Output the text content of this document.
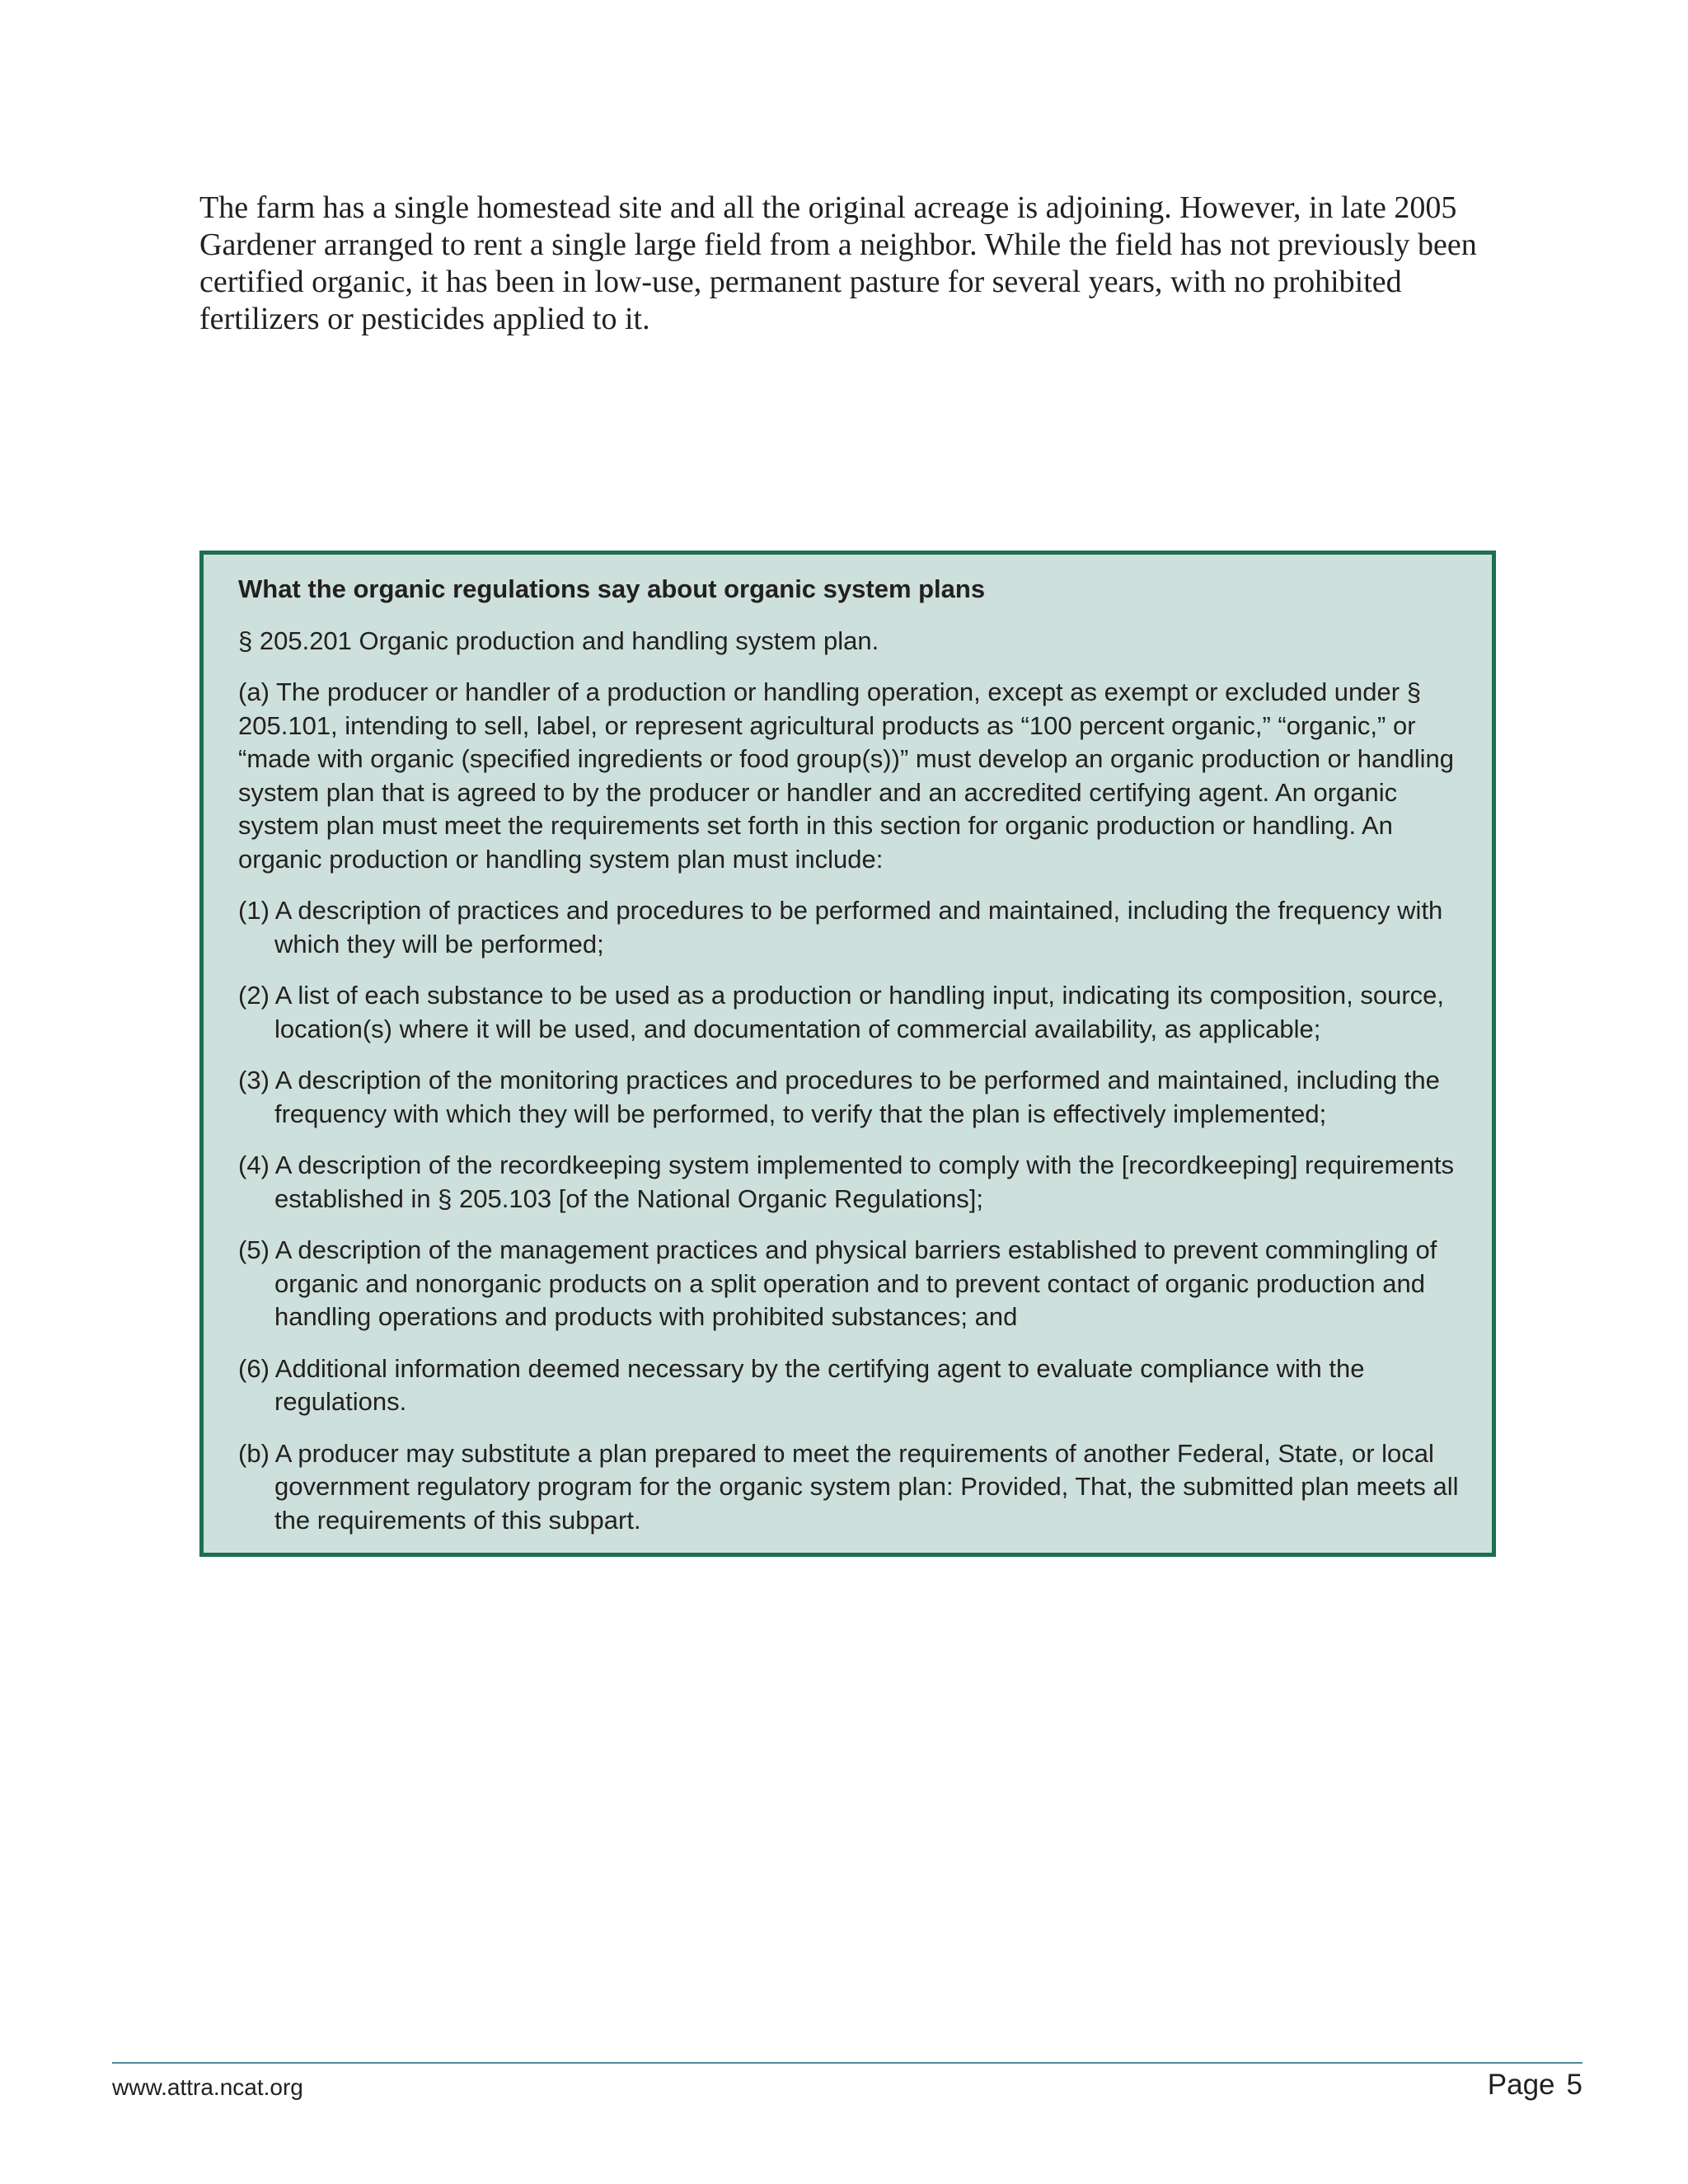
The farm has a single homestead site and all the original acreage is adjoining. However, in late 2005 Gardener arranged to rent a single large field from a neighbor. While the field has not previously been certified organic, it has been in low-use, permanent pasture for several years, with no prohibited fertilizers or pesticides applied to it.

What the organic regulations say about organic system plans

§ 205.201 Organic production and handling system plan.

(a) The producer or handler of a production or handling operation, except as exempt or excluded under § 205.101, intending to sell, label, or represent agricultural products as “100 percent organic,” “organic,” or “made with organic (specified ingredients or food group(s))” must develop an organic production or handling system plan that is agreed to by the producer or handler and an accredited certifying agent. An organic system plan must meet the requirements set forth in this section for organic production or handling. An organic production or handling system plan must include:

(1) A description of practices and procedures to be performed and maintained, including the frequency with which they will be performed;

(2) A list of each substance to be used as a production or handling input, indicating its composition, source, location(s) where it will be used, and documentation of commercial availability, as applicable;

(3) A description of the monitoring practices and procedures to be performed and maintained, including the frequency with which they will be performed, to verify that the plan is effectively implemented;

(4) A description of the recordkeeping system implemented to comply with the [recordkeeping] requirements established in § 205.103 [of the National Organic Regulations];

(5) A description of the management practices and physical barriers established to prevent commingling of organic and nonorganic products on a split operation and to prevent contact of organic production and handling operations and products with prohibited substances; and

(6) Additional information deemed necessary by the certifying agent to evaluate compliance with the regulations.

(b) A producer may substitute a plan prepared to meet the requirements of another Federal, State, or local government regulatory program for the organic system plan: Provided, That, the submitted plan meets all the requirements of this subpart.

www.attra.ncat.org	Page 5
